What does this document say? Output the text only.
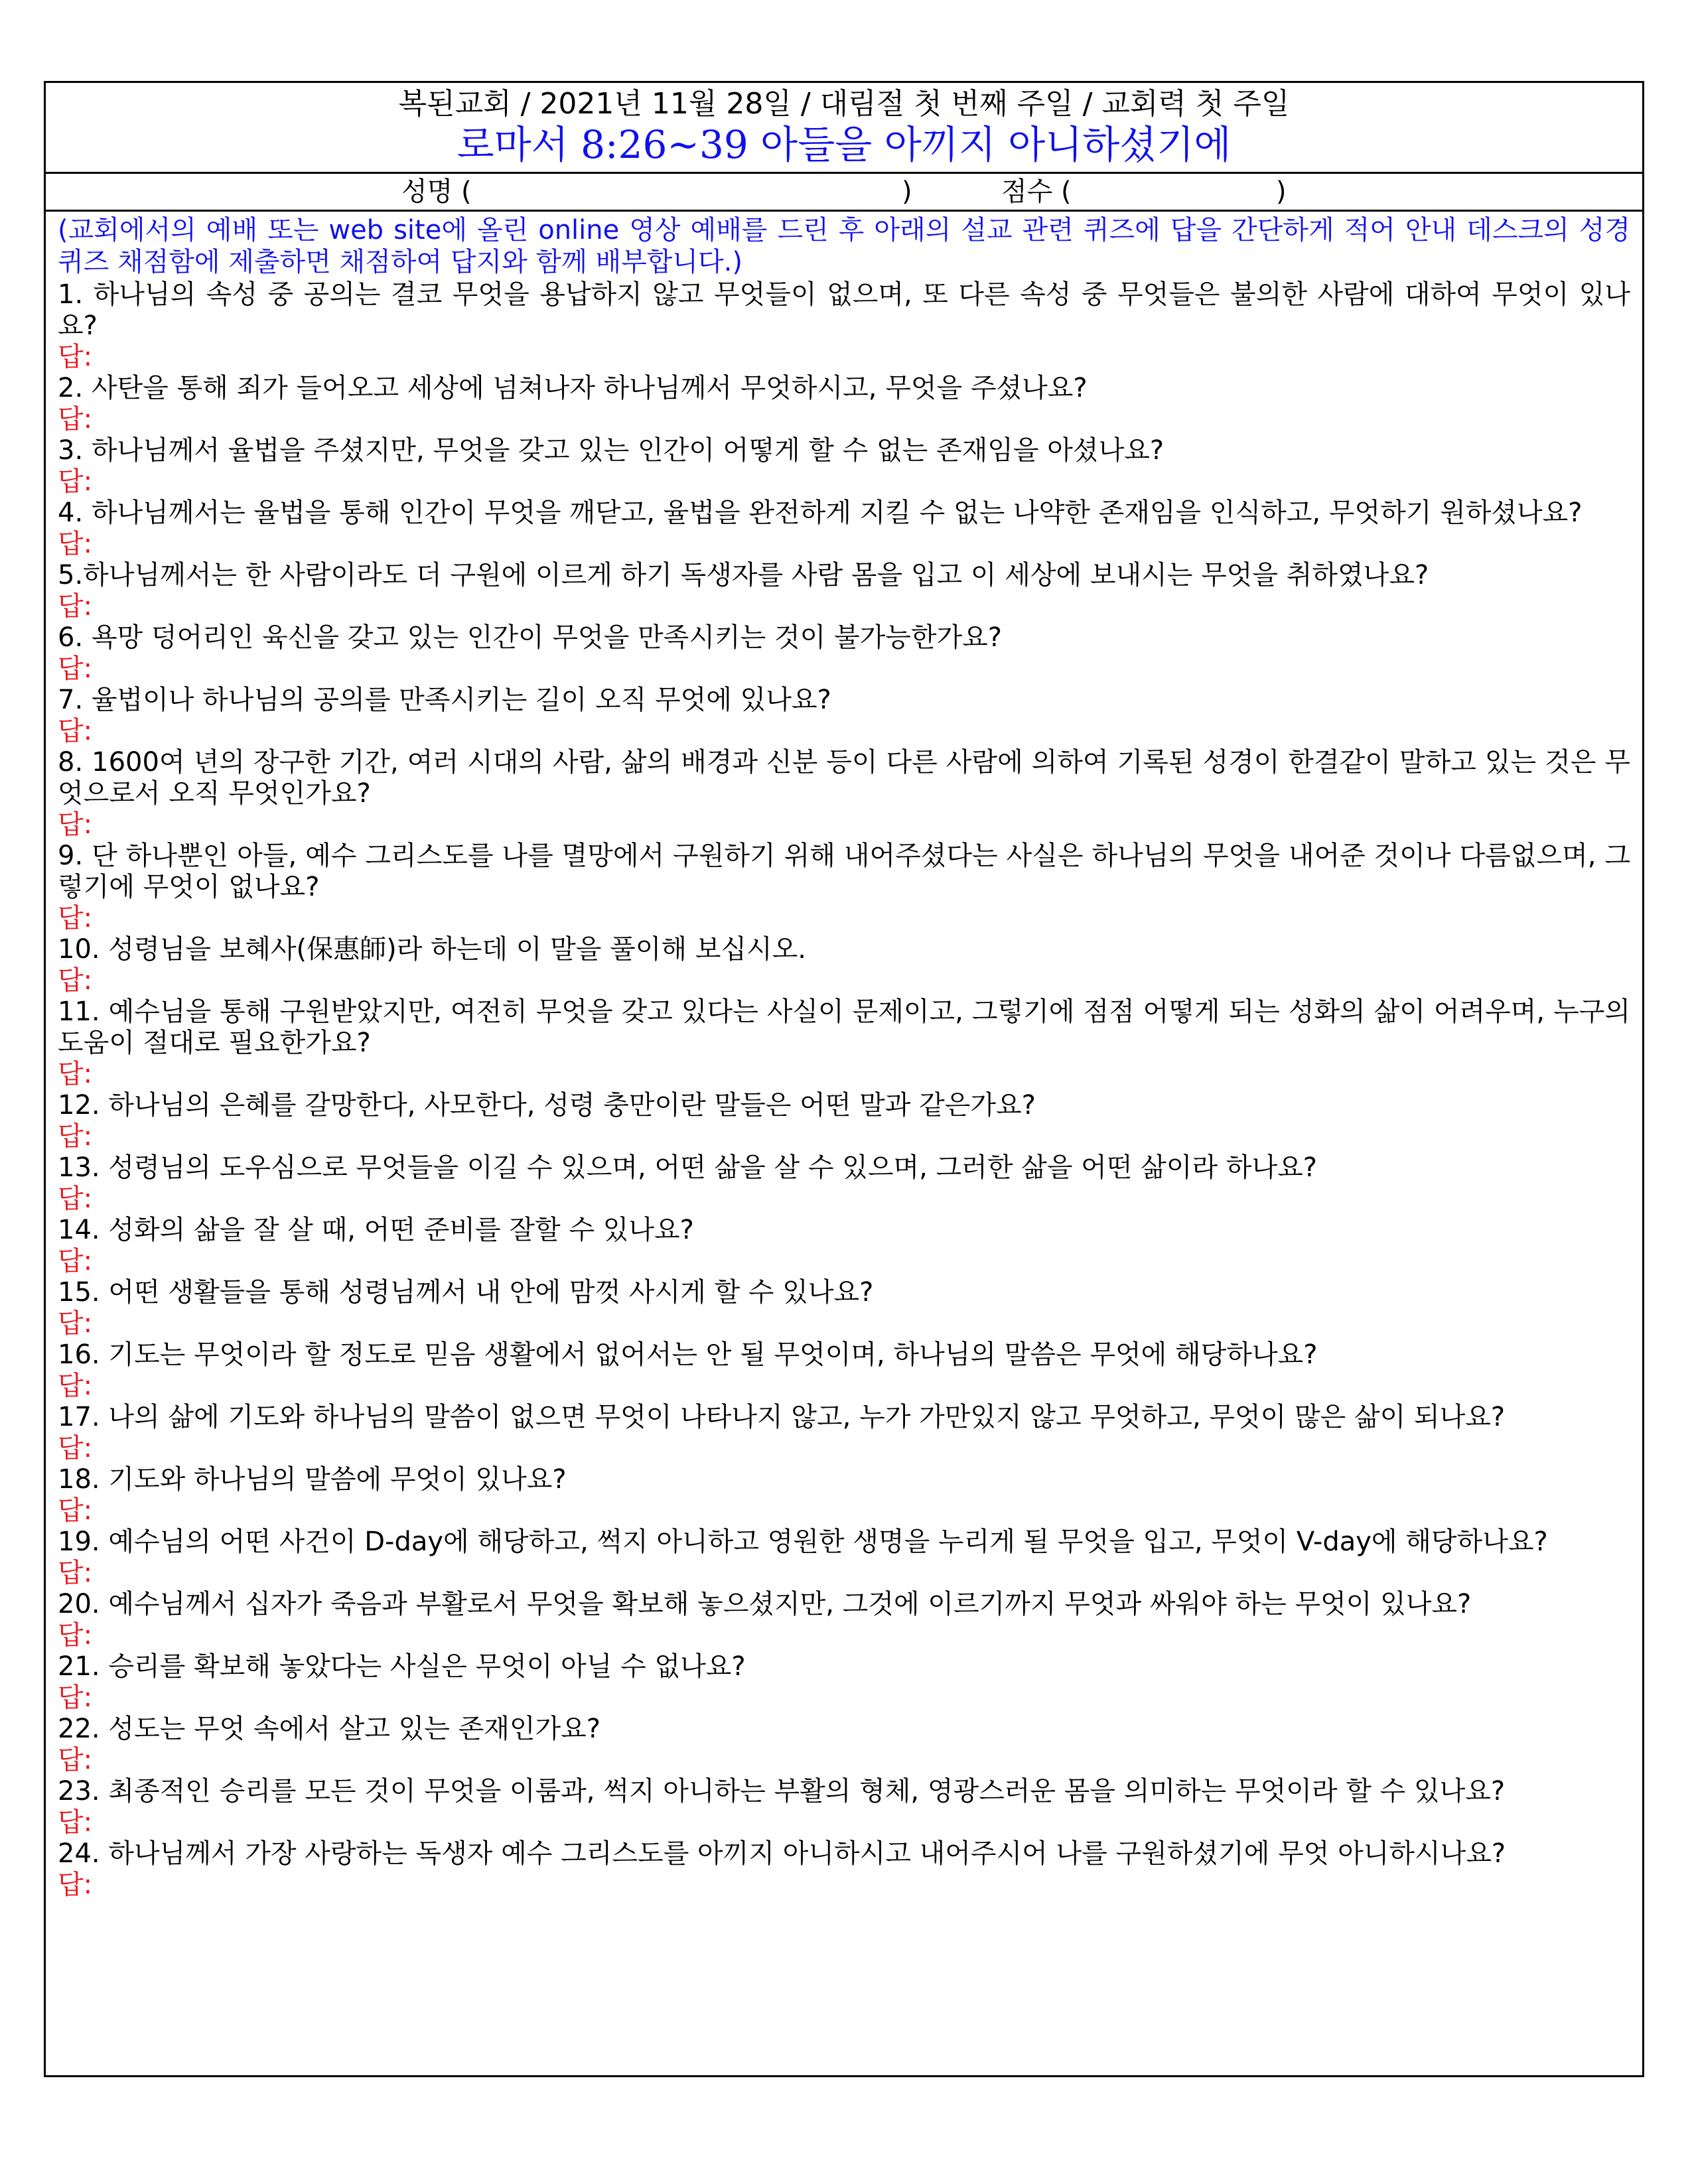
복된교회 / 2021년 11월 28일 / 대림절 첫 번째 주일 / 교회력 첫 주일
로마서 8:26~39 아들을 아끼지 아니하셨기에
성명 (	)	점수 (	)

(교회에서의 예배 또는 web site에 올린 online 영상 예배를 드린 후 아래의 설교 관련 퀴즈에 답을 간단하게 적어 안내 데스크의 성경 퀴즈 채점함에 제출하면 채점하여 답지와 함께 배부합니다.)

1. 하나님의 속성 중 공의는 결코 무엇을 용납하지 않고 무엇들이 없으며, 또 다른 속성 중 무엇들은 불의한 사람에 대하여 무엇이 있나요?

답:

2. 사탄을 통해 죄가 들어오고 세상에 넘쳐나자 하나님께서 무엇하시고, 무엇을 주셨나요?

답:

3. 하나님께서 율법을 주셨지만, 무엇을 갖고 있는 인간이 어떻게 할 수 없는 존재임을 아셨나요?

답:

4. 하나님께서는 율법을 통해 인간이 무엇을 깨닫고, 율법을 완전하게 지킬 수 없는 나약한 존재임을 인식하고, 무엇하기 원하셨나요?

답:

5.하나님께서는 한 사람이라도 더 구원에 이르게 하기 독생자를 사람 몸을 입고 이 세상에 보내시는 무엇을 취하였나요?

답:

6. 욕망 덩어리인 육신을 갖고 있는 인간이 무엇을 만족시키는 것이 불가능한가요?

답:

7. 율법이나 하나님의 공의를 만족시키는 길이 오직 무엇에 있나요?

답:

8. 1600여 년의 장구한 기간, 여러 시대의 사람, 삶의 배경과 신분 등이 다른 사람에 의하여 기록된 성경이 한결같이 말하고 있는 것은 무엇으로서 오직 무엇인가요?

답:

9. 단 하나뿐인 아들, 예수 그리스도를 나를 멸망에서 구원하기 위해 내어주셨다는 사실은 하나님의 무엇을 내어준 것이나 다름없으며, 그렇기에 무엇이 없나요?

답:

10. 성령님을 보혜사(保惠師)라 하는데 이 말을 풀이해 보십시오.

답:

11. 예수님을 통해 구원받았지만, 여전히 무엇을 갖고 있다는 사실이 문제이고, 그렇기에 점점 어떻게 되는 성화의 삶이 어려우며, 누구의 도움이 절대로 필요한가요?

답:

12. 하나님의 은혜를 갈망한다, 사모한다, 성령 충만이란 말들은 어떤 말과 같은가요?

답:

13. 성령님의 도우심으로 무엇들을 이길 수 있으며, 어떤 삶을 살 수 있으며, 그러한 삶을 어떤 삶이라 하나요?

답:

14. 성화의 삶을 잘 살 때, 어떤 준비를 잘할 수 있나요?

답:

15. 어떤 생활들을 통해 성령님께서 내 안에 맘껏 사시게 할 수 있나요?

답:

16. 기도는 무엇이라 할 정도로 믿음 생활에서 없어서는 안 될 무엇이며, 하나님의 말씀은 무엇에 해당하나요?

답:

17. 나의 삶에 기도와 하나님의 말씀이 없으면 무엇이 나타나지 않고, 누가 가만있지 않고 무엇하고, 무엇이 많은 삶이 되나요?

답:

18. 기도와 하나님의 말씀에 무엇이 있나요?

답:

19. 예수님의 어떤 사건이 D-day에 해당하고, 썩지 아니하고 영원한 생명을 누리게 될 무엇을 입고, 무엇이 V-day에 해당하나요?

답:

20. 예수님께서 십자가 죽음과 부활로서 무엇을 확보해 놓으셨지만, 그것에 이르기까지 무엇과 싸워야 하는 무엇이 있나요?

답:

21. 승리를 확보해 놓았다는 사실은 무엇이 아닐 수 없나요?

답:

22. 성도는 무엇 속에서 살고 있는 존재인가요?

답:

23. 최종적인 승리를 모든 것이 무엇을 이룸과, 썩지 아니하는 부활의 형체, 영광스러운 몸을 의미하는 무엇이라 할 수 있나요?

답:

24. 하나님께서 가장 사랑하는 독생자 예수 그리스도를 아끼지 아니하시고 내어주시어 나를 구원하셨기에 무엇 아니하시나요?

답:
